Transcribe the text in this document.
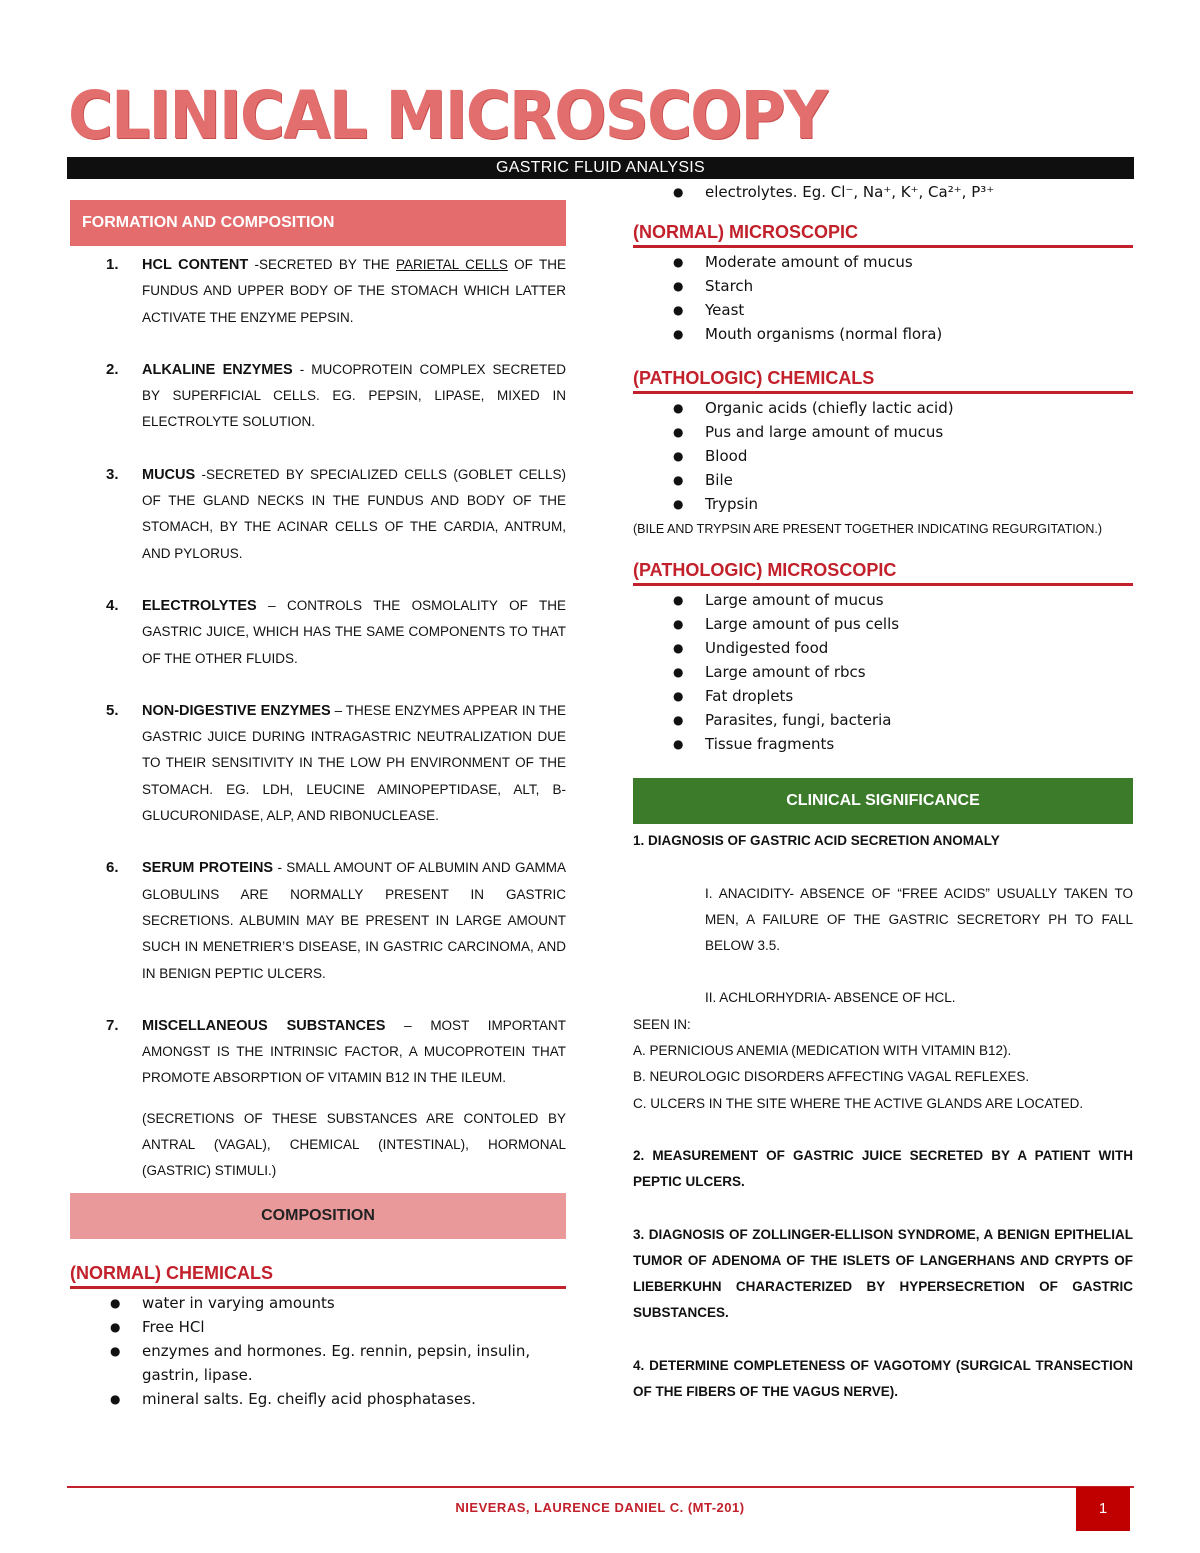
CLINICAL MICROSCOPY
GASTRIC FLUID ANALYSIS
FORMATION AND COMPOSITION
1. HCL CONTENT -SECRETED BY THE PARIETAL CELLS OF THE FUNDUS AND UPPER BODY OF THE STOMACH WHICH LATTER ACTIVATE THE ENZYME PEPSIN.
2. ALKALINE ENZYMES - MUCOPROTEIN COMPLEX SECRETED BY SUPERFICIAL CELLS. EG. PEPSIN, LIPASE, MIXED IN ELECTROLYTE SOLUTION.
3. MUCUS -SECRETED BY SPECIALIZED CELLS (GOBLET CELLS) OF THE GLAND NECKS IN THE FUNDUS AND BODY OF THE STOMACH, BY THE ACINAR CELLS OF THE CARDIA, ANTRUM, AND PYLORUS.
4. ELECTROLYTES – CONTROLS THE OSMOLALITY OF THE GASTRIC JUICE, WHICH HAS THE SAME COMPONENTS TO THAT OF THE OTHER FLUIDS.
5. NON-DIGESTIVE ENZYMES – THESE ENZYMES APPEAR IN THE GASTRIC JUICE DURING INTRAGASTRIC NEUTRALIZATION DUE TO THEIR SENSITIVITY IN THE LOW PH ENVIRONMENT OF THE STOMACH. EG. LDH, LEUCINE AMINOPEPTIDASE, ALT, B-GLUCURONIDASE, ALP, AND RIBONUCLEASE.
6. SERUM PROTEINS - SMALL AMOUNT OF ALBUMIN AND GAMMA GLOBULINS ARE NORMALLY PRESENT IN GASTRIC SECRETIONS. ALBUMIN MAY BE PRESENT IN LARGE AMOUNT SUCH IN MENETRIER’S DISEASE, IN GASTRIC CARCINOMA, AND IN BENIGN PEPTIC ULCERS.
7. MISCELLANEOUS SUBSTANCES – MOST IMPORTANT AMONGST IS THE INTRINSIC FACTOR, A MUCOPROTEIN THAT PROMOTE ABSORPTION OF VITAMIN B12 IN THE ILEUM.
(SECRETIONS OF THESE SUBSTANCES ARE CONTOLED BY ANTRAL (VAGAL), CHEMICAL (INTESTINAL), HORMONAL (GASTRIC) STIMULI.)
COMPOSITION
(NORMAL) CHEMICALS
● water in varying amounts
● Free HCl
● enzymes and hormones. Eg. rennin, pepsin, insulin, gastrin, lipase.
● mineral salts. Eg. cheifly acid phosphatases.
● electrolytes. Eg. Cl⁻, Na⁺, K⁺, Ca²⁺, P³⁺
(NORMAL) MICROSCOPIC
● Moderate amount of mucus
● Starch
● Yeast
● Mouth organisms (normal flora)
(PATHOLOGIC) CHEMICALS
● Organic acids (chiefly lactic acid)
● Pus and large amount of mucus
● Blood
● Bile
● Trypsin
(BILE AND TRYPSIN ARE PRESENT TOGETHER INDICATING REGURGITATION.)
(PATHOLOGIC) MICROSCOPIC
● Large amount of mucus
● Large amount of pus cells
● Undigested food
● Large amount of rbcs
● Fat droplets
● Parasites, fungi, bacteria
● Tissue fragments
CLINICAL SIGNIFICANCE
1. DIAGNOSIS OF GASTRIC ACID SECRETION ANOMALY
I. ANACIDITY- ABSENCE OF “FREE ACIDS” USUALLY TAKEN TO MEN, A FAILURE OF THE GASTRIC SECRETORY PH TO FALL BELOW 3.5.
II. ACHLORHYDRIA- ABSENCE OF HCL.
SEEN IN:
A. PERNICIOUS ANEMIA (MEDICATION WITH VITAMIN B12).
B. NEUROLOGIC DISORDERS AFFECTING VAGAL REFLEXES.
C. ULCERS IN THE SITE WHERE THE ACTIVE GLANDS ARE LOCATED.
2. MEASUREMENT OF GASTRIC JUICE SECRETED BY A PATIENT WITH PEPTIC ULCERS.
3. DIAGNOSIS OF ZOLLINGER-ELLISON SYNDROME, A BENIGN EPITHELIAL TUMOR OF ADENOMA OF THE ISLETS OF LANGERHANS AND CRYPTS OF LIEBERKUHN CHARACTERIZED BY HYPERSECRETION OF GASTRIC SUBSTANCES.
4. DETERMINE COMPLETENESS OF VAGOTOMY (SURGICAL TRANSECTION OF THE FIBERS OF THE VAGUS NERVE).
NIEVERAS, LAURENCE DANIEL C. (MT-201)	1
